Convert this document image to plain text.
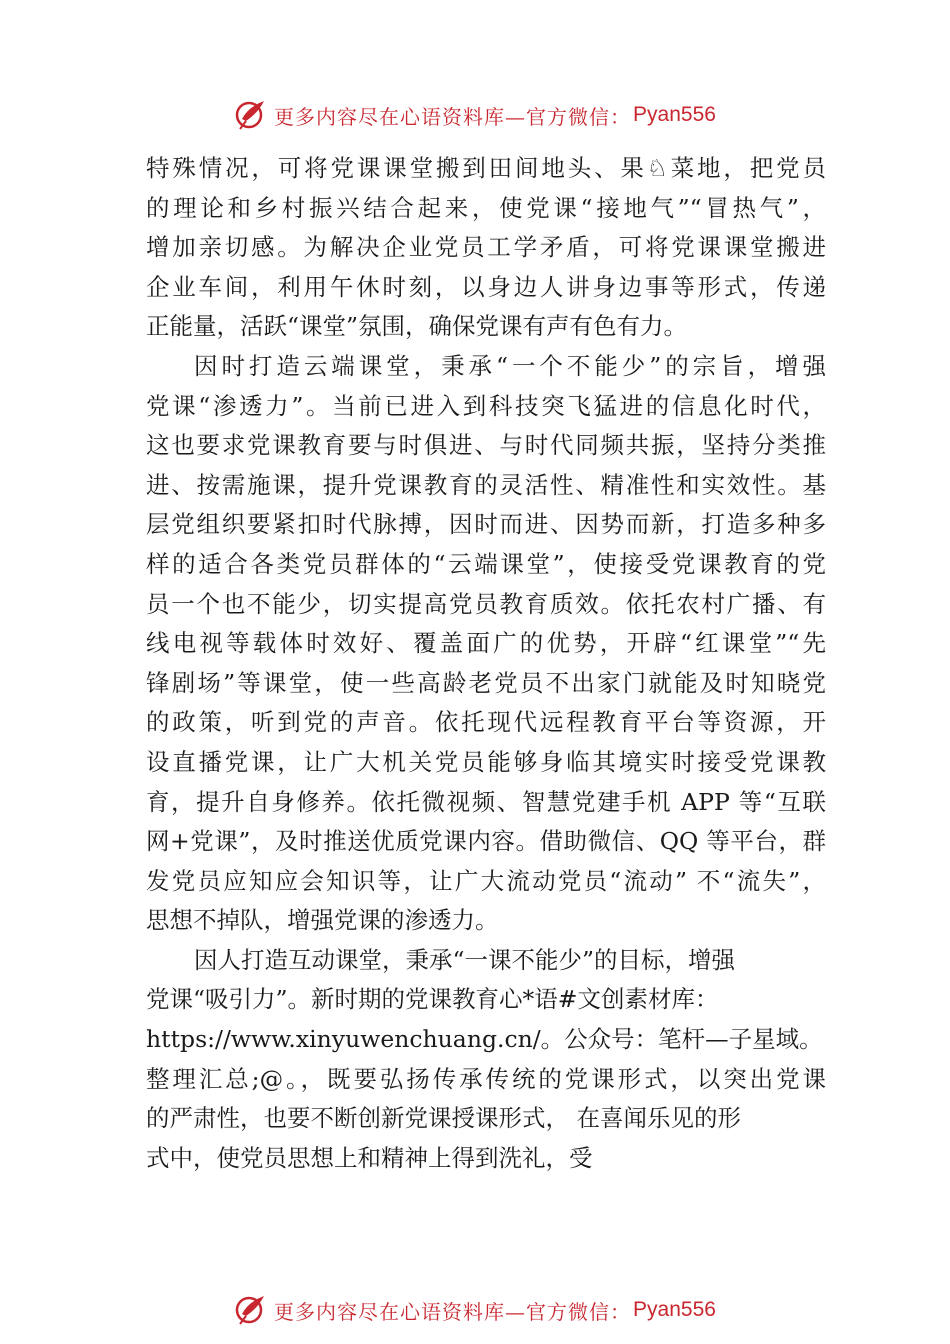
更多内容尽在心语资料库—官方微信： Pyan556
特殊情况，可将党课课堂搬到田间地头、果♘菜地，把党员
的理论和乡村振兴结合起来，使党课“接地气”“冒热气”，
增加亲切感。为解决企业党员工学矛盾，可将党课课堂搬进
企业车间，利用午休时刻，以身边人讲身边事等形式，传递
正能量，活跃“课堂”氛围，确保党课有声有色有力。
因时打造云端课堂，秉承“一个不能少”的宗旨，增强
党课“渗透力”。当前已进入到科技突飞猛进的信息化时代，
这也要求党课教育要与时俱进、与时代同频共振，坚持分类推
进、按需施课，提升党课教育的灵活性、精准性和实效性。基
层党组织要紧扣时代脉搏，因时而进、因势而新，打造多种多
样的适合各类党员群体的“云端课堂”，使接受党课教育的党
员一个也不能少，切实提高党员教育质效。依托农村广播、有
线电视等载体时效好、覆盖面广的优势，开辟“红课堂”“先
锋剧场”等课堂，使一些高龄老党员不出家门就能及时知晓党
的政策，听到党的声音。依托现代远程教育平台等资源，开
设直播党课，让广大机关党员能够身临其境实时接受党课教
育，提升自身修养。依托微视频、智慧党建手机 APP 等“互联
网+党课”，及时推送优质党课内容。借助微信、QQ 等平台，群
发党员应知应会知识等，让广大流动党员“流动” 不“流失”，
思想不掉队，增强党课的渗透力。
因人打造互动课堂，秉承“一课不能少”的目标，增强
党课“吸引力”。新时期的党课教育心*语#文创素材库：
https://www.xinyuwenchuang.cn/。公众号：笔杆—子星域。
整理汇总;@。，既要弘扬传承传统的党课形式，以突出党课
的严肃性，也要不断创新党课授课形式， 在喜闻乐见的形
式中，使党员思想上和精神上得到洗礼，受
更多内容尽在心语资料库—官方微信： Pyan556
